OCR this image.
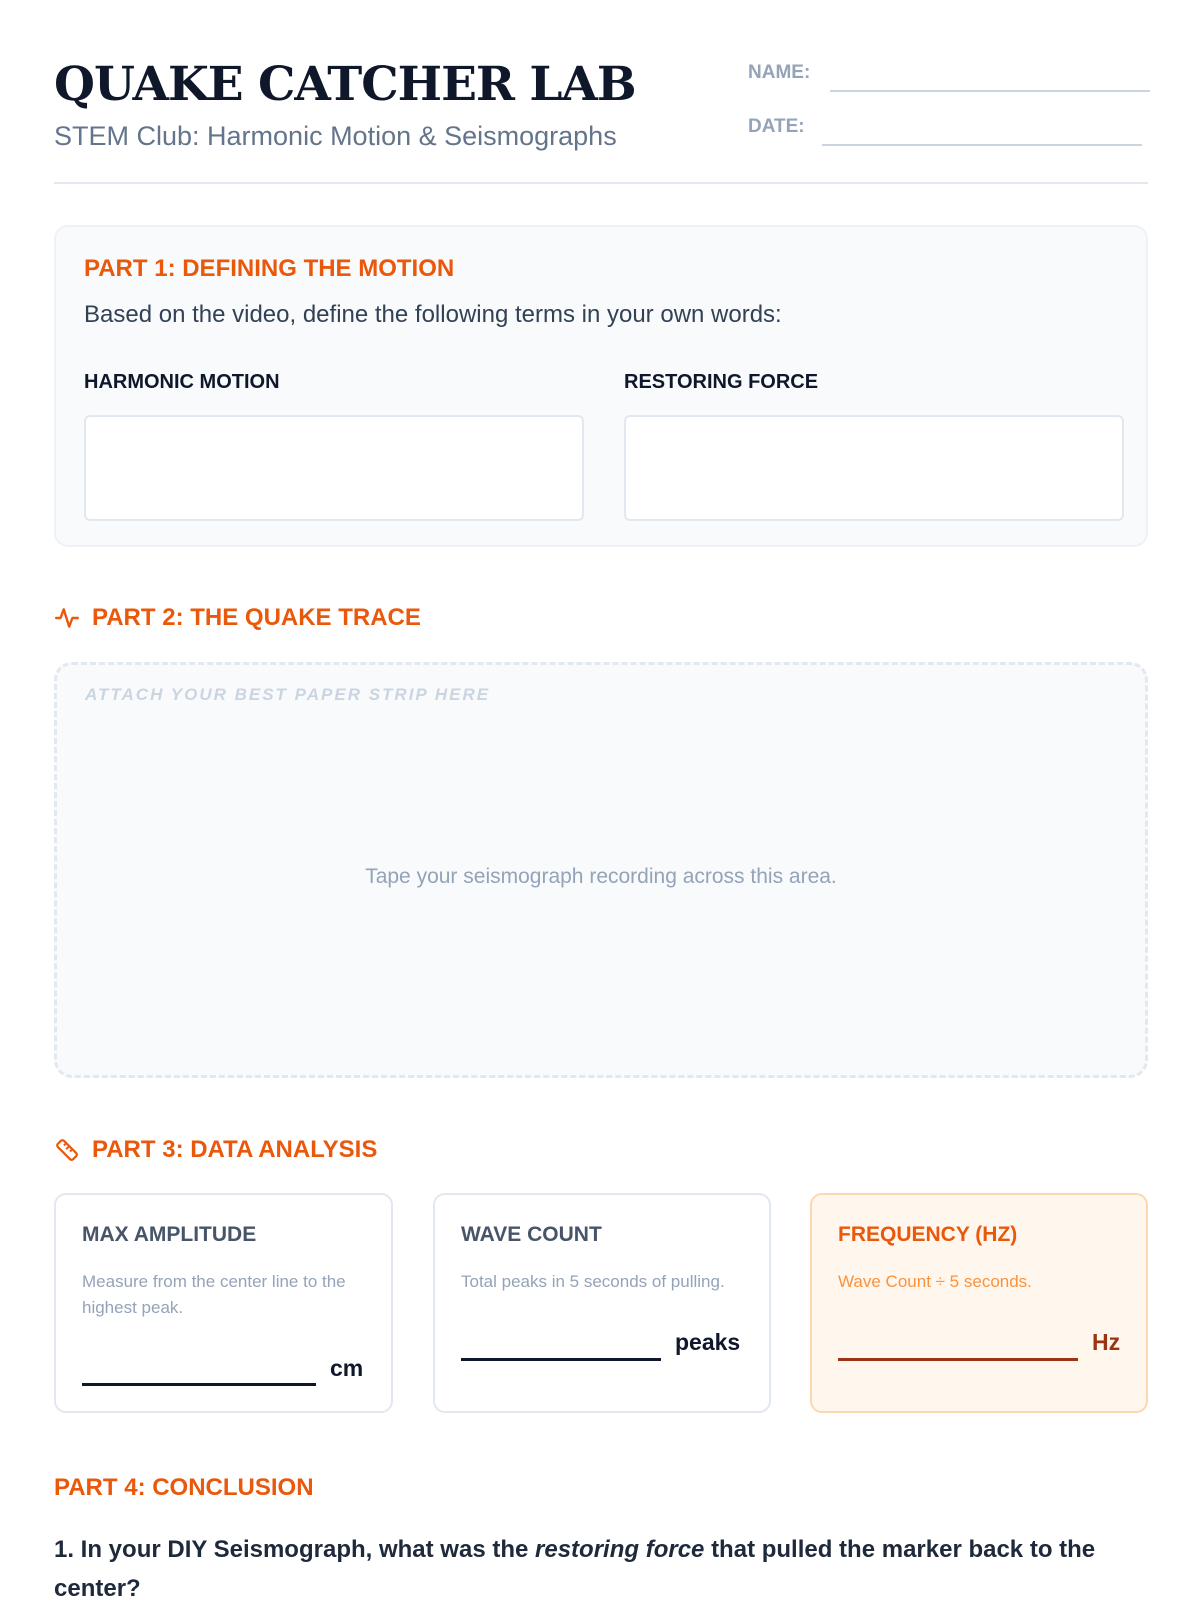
QUAKE CATCHER LAB
STEM Club: Harmonic Motion & Seismographs
NAME:
DATE:
PART 1: DEFINING THE MOTION
Based on the video, define the following terms in your own words:
HARMONIC MOTION	RESTORING FORCE
PART 2: THE QUAKE TRACE
ATTACH YOUR BEST PAPER STRIP HERE
Tape your seismograph recording across this area.
PART 3: DATA ANALYSIS
MAX AMPLITUDE
Measure from the center line to the highest peak.
cm
WAVE COUNT
Total peaks in 5 seconds of pulling.
peaks
FREQUENCY (HZ)
Wave Count ÷ 5 seconds.
Hz
PART 4: CONCLUSION
1. In your DIY Seismograph, what was the restoring force that pulled the marker back to the center?
